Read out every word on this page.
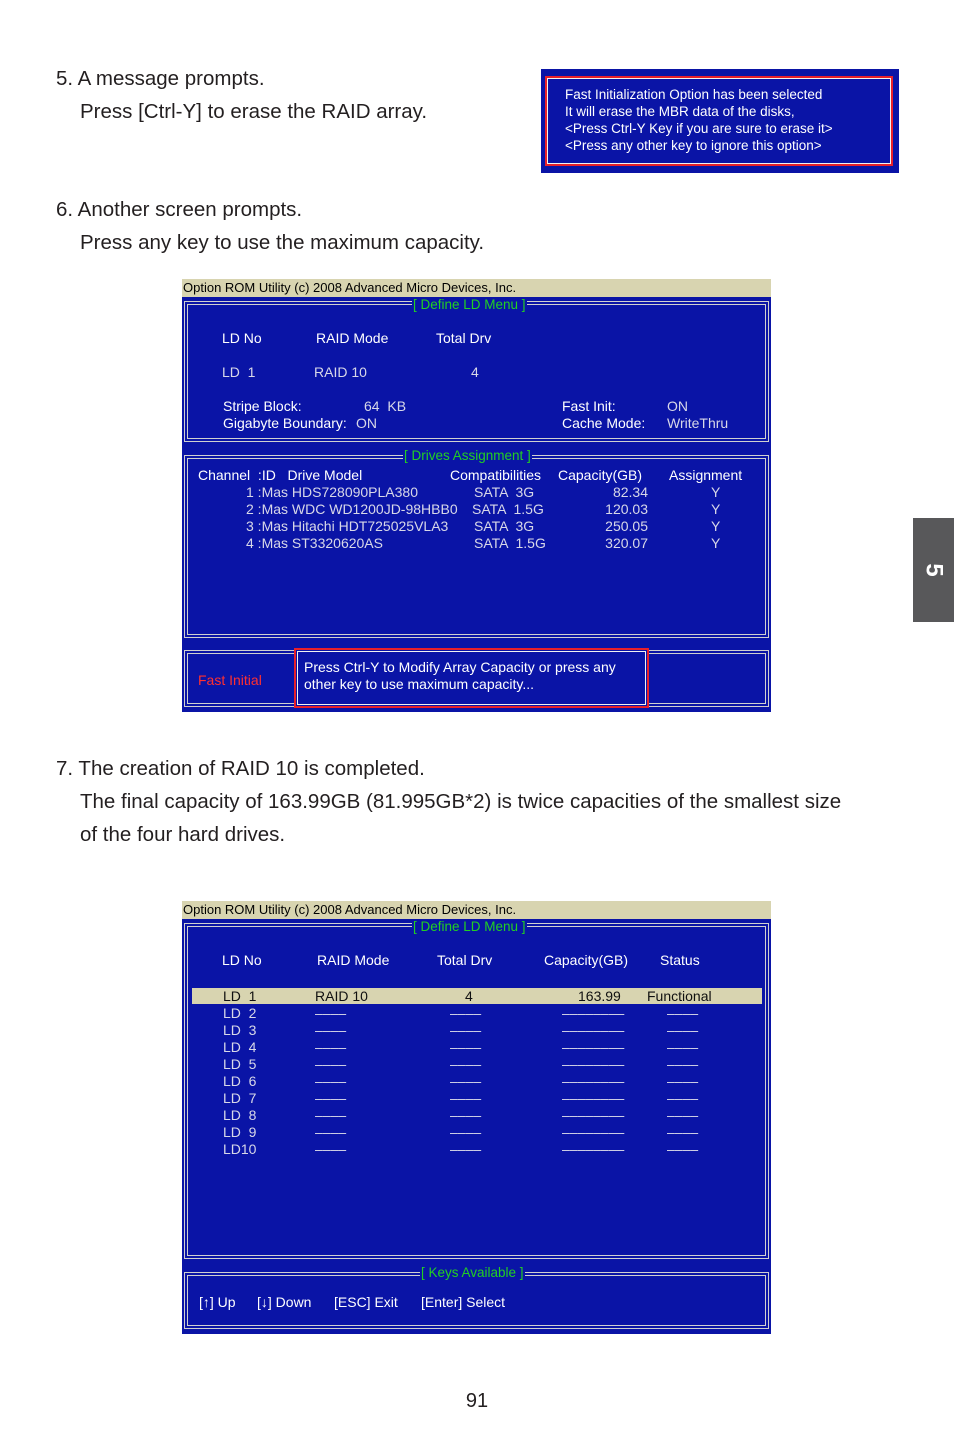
5. A message prompts.
Press [Ctrl-Y] to erase the RAID array.
Fast Initialization Option has been selected
It will erase the MBR data of the disks,
<Press Ctrl-Y Key if you are sure to erase it>
<Press any other key to ignore this option>
6. Another screen prompts.
Press any key to use the maximum capacity.
Option ROM Utility (c) 2008 Advanced Micro Devices, Inc.
[ Define LD Menu ]
LD No	RAID Mode	Total Drv
LD  1	RAID 10	4
Stripe Block:	64  KB
Gigabyte Boundary: ON
Fast Init:	ON
Cache Mode: WriteThru
[ Drives Assignment ]
Channel  :ID   Drive Model	Compatibilities Capacity(GB) Assignment
1 :Mas HDS728090PLA380	SATA  3G	82.34	Y
2 :Mas WDC WD1200JD-98HBB0 SATA  1.5G	120.03	Y
3 :Mas Hitachi HDT725025VLA3 SATA  3G	250.05	Y
4 :Mas ST3320620AS	SATA  1.5G	320.07	Y
Fast Initial
Press Ctrl-Y to Modify Array Capacity or press any
other key to use maximum capacity...
7. The creation of RAID 10 is completed.
The final capacity of 163.99GB (81.995GB*2) is twice capacities of the smallest size
of the four hard drives.
Option ROM Utility (c) 2008 Advanced Micro Devices, Inc.
[ Define LD Menu ]
LD No	RAID Mode	Total Drv	Capacity(GB) Status
LD  1	RAID 10	4	163.99 Functional
LD  2	––––	––––	––––––––	––––
LD  3	––––	––––	––––––––	––––
LD  4	––––	––––	––––––––	––––
LD  5	––––	––––	––––––––	––––
LD  6	––––	––––	––––––––	––––
LD  7	––––	––––	––––––––	––––
LD  8	––––	––––	––––––––	––––
LD  9	––––	––––	––––––––	––––
LD10	––––	––––	––––––––	––––
[ Keys Available ]
[↑] Up [↓] Down [ESC] Exit [Enter] Select
5
91
